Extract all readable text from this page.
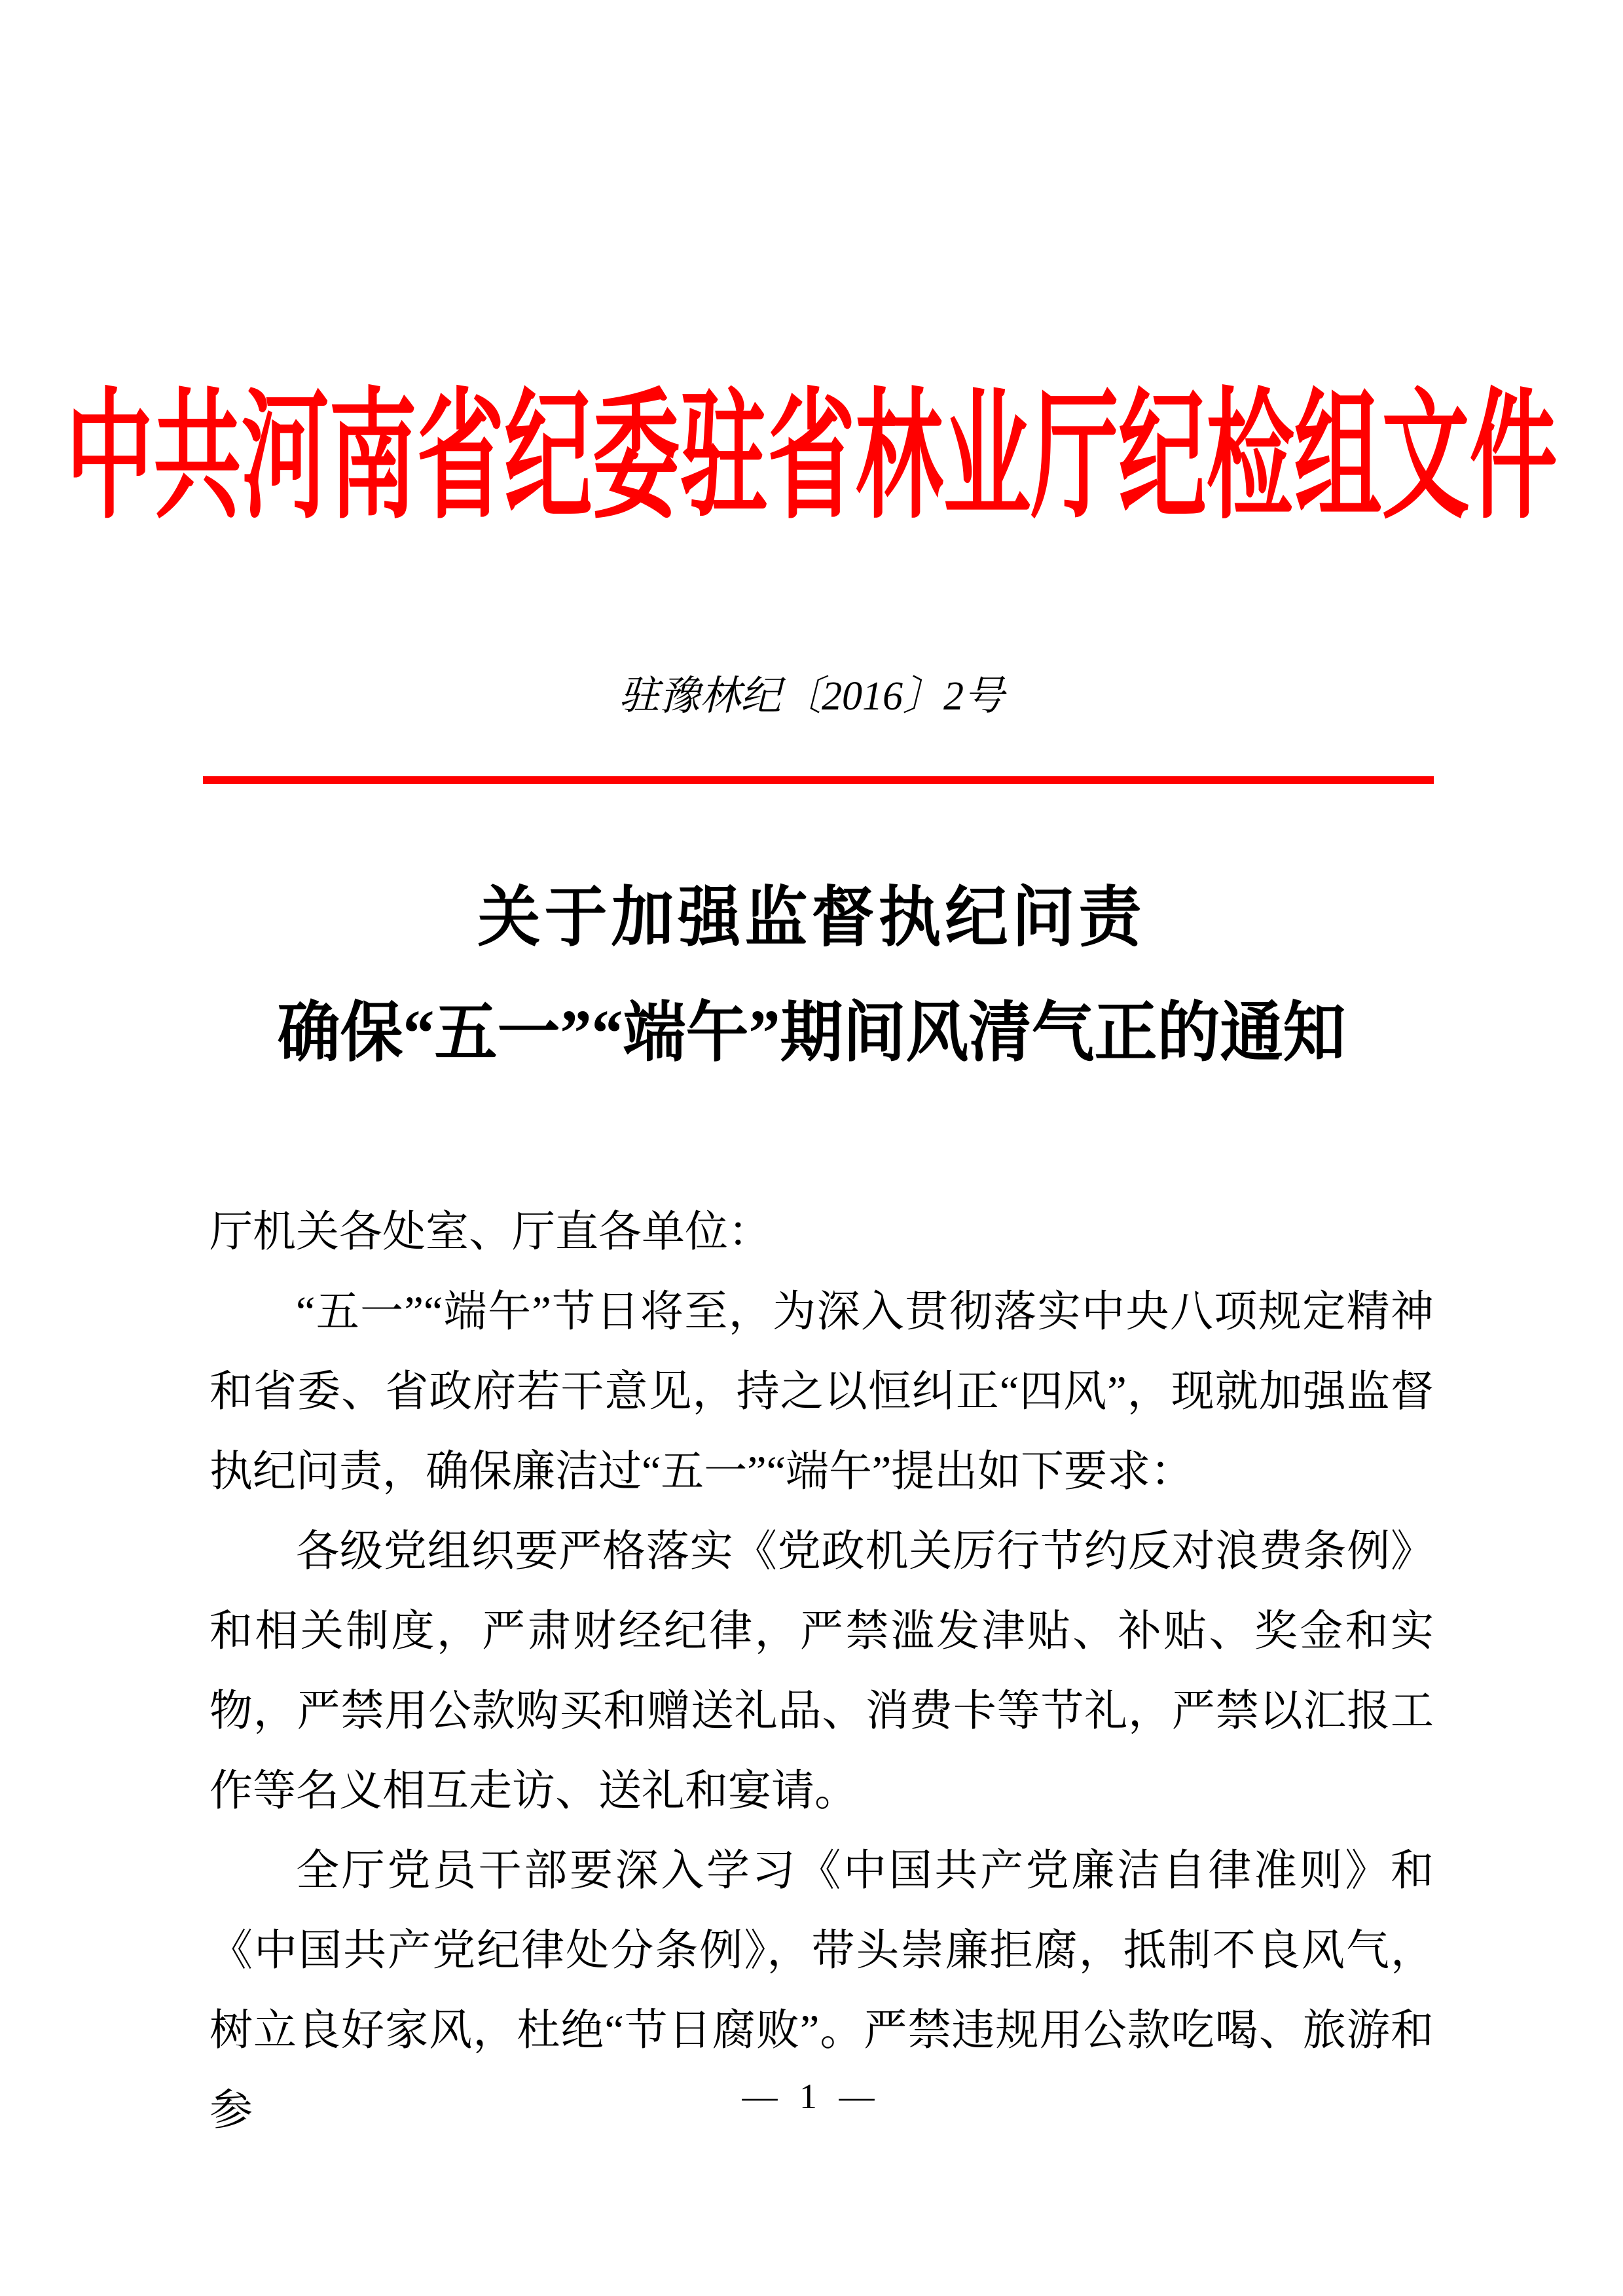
中共河南省纪委驻省林业厅纪检组文件
驻豫林纪〔2016〕2号
关于加强监督执纪问责
确保“五一”“端午”期间风清气正的通知

厅机关各处室、厅直各单位：

“五一”“端午”节日将至，为深入贯彻落实中央八项规定精神和省委、省政府若干意见，持之以恒纠正“四风”，现就加强监督执纪问责，确保廉洁过“五一”“端午”提出如下要求：

各级党组织要严格落实《党政机关厉行节约反对浪费条例》和相关制度，严肃财经纪律，严禁滥发津贴、补贴、奖金和实物，严禁用公款购买和赠送礼品、消费卡等节礼，严禁以汇报工作等名义相互走访、送礼和宴请。

全厅党员干部要深入学习《中国共产党廉洁自律准则》和《中国共产党纪律处分条例》，带头崇廉拒腐，抵制不良风气，树立良好家风，杜绝“节日腐败”。严禁违规用公款吃喝、旅游和参	— 1 —
